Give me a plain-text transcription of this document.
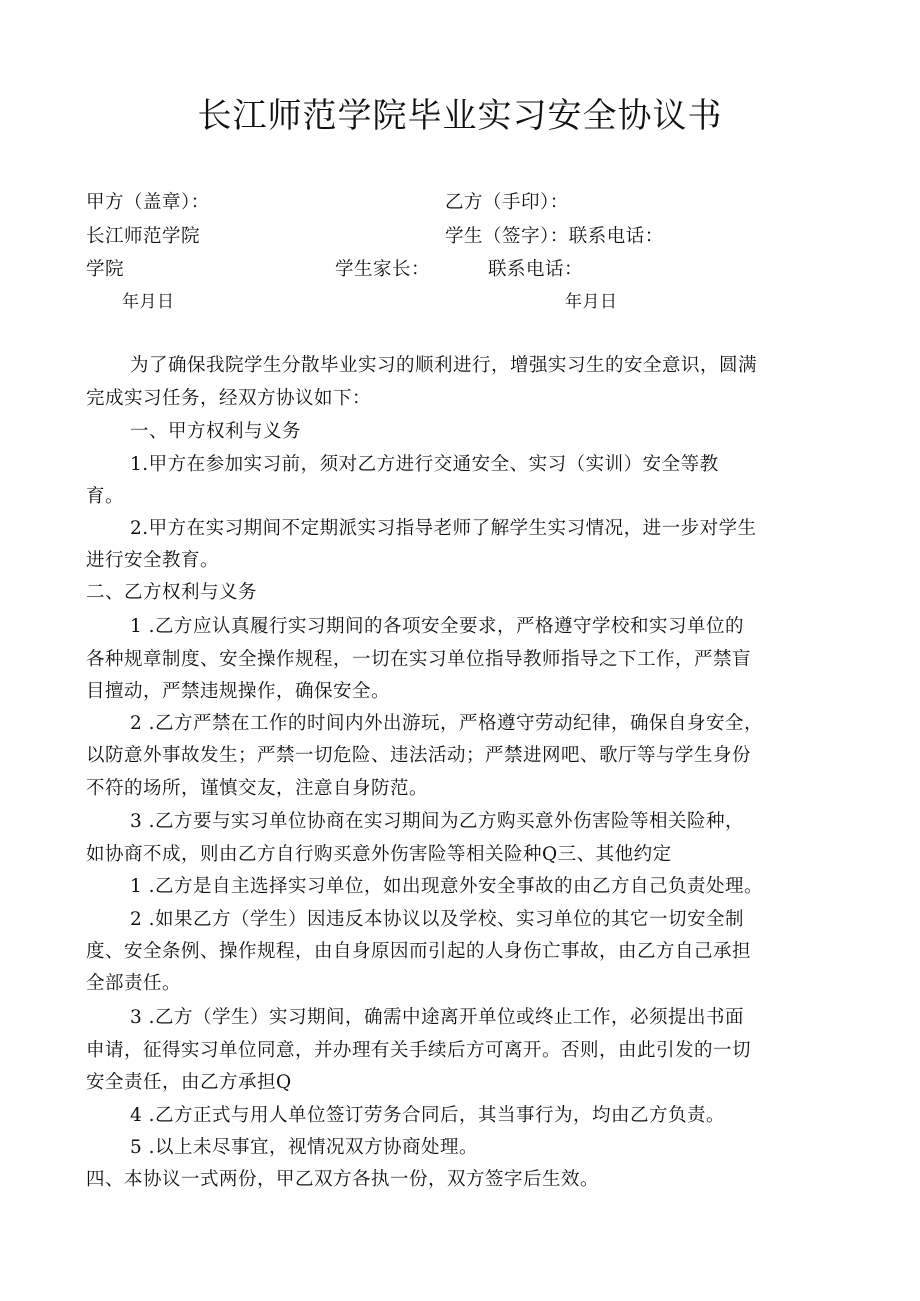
长江师范学院毕业实习安全协议书
甲方（盖章）：	乙方（手印）：
长江师范学院	学生（签字）：联系电话：
学院	学生家长：	联系电话：
年月日	年月日
为了确保我院学生分散毕业实习的顺利进行，增强实习生的安全意识，圆满
完成实习任务，经双方协议如下：
一、甲方权利与义务
1.甲方在参加实习前，须对乙方进行交通安全、实习（实训）安全等教
育。
2.甲方在实习期间不定期派实习指导老师了解学生实习情况，进一步对学生
进行安全教育。
二、乙方权利与义务
1 .乙方应认真履行实习期间的各项安全要求，严格遵守学校和实习单位的
各种规章制度、安全操作规程，一切在实习单位指导教师指导之下工作，严禁盲
目擅动，严禁违规操作，确保安全。
2 .乙方严禁在工作的时间内外出游玩，严格遵守劳动纪律，确保自身安全，
以防意外事故发生；严禁一切危险、违法活动；严禁进网吧、歌厅等与学生身份
不符的场所，谨慎交友，注意自身防范。
3 .乙方要与实习单位协商在实习期间为乙方购买意外伤害险等相关险种，
如协商不成，则由乙方自行购买意外伤害险等相关险种Q三、其他约定
1 .乙方是自主选择实习单位，如出现意外安全事故的由乙方自己负责处理。
2 .如果乙方（学生）因违反本协议以及学校、实习单位的其它一切安全制
度、安全条例、操作规程，由自身原因而引起的人身伤亡事故，由乙方自己承担
全部责任。
3 .乙方（学生）实习期间，确需中途离开单位或终止工作，必须提出书面
申请，征得实习单位同意，并办理有关手续后方可离开。否则，由此引发的一切
安全责任，由乙方承担Q
4 .乙方正式与用人单位签订劳务合同后，其当事行为，均由乙方负责。
5 .以上未尽事宜，视情况双方协商处理。
四、本协议一式两份，甲乙双方各执一份，双方签字后生效。
